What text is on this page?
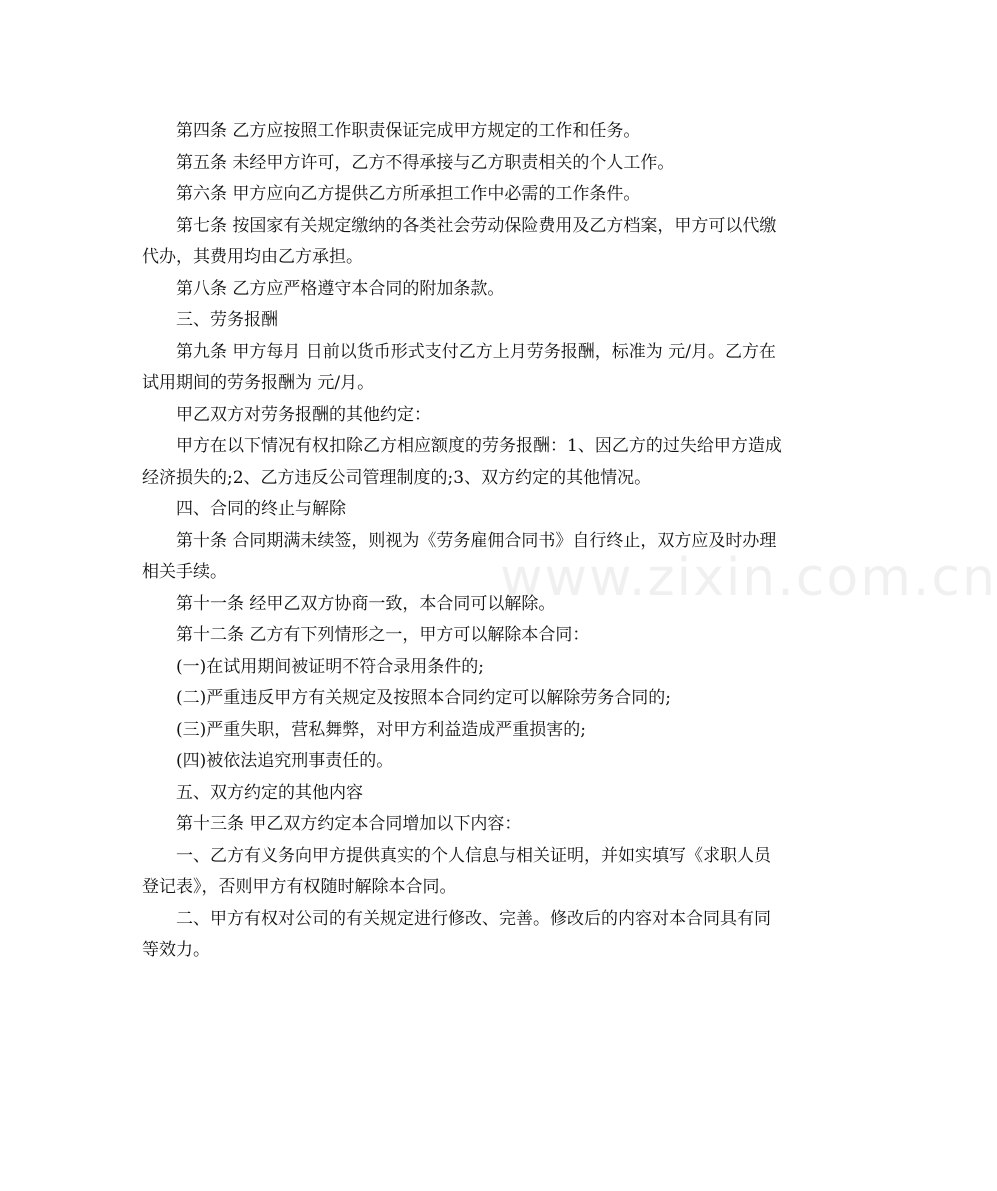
第四条 乙方应按照工作职责保证完成甲方规定的工作和任务。

第五条 未经甲方许可，乙方不得承接与乙方职责相关的个人工作。

第六条 甲方应向乙方提供乙方所承担工作中必需的工作条件。

第七条 按国家有关规定缴纳的各类社会劳动保险费用及乙方档案，甲方可以代缴代办，其费用均由乙方承担。

第八条 乙方应严格遵守本合同的附加条款。

三、劳务报酬

第九条 甲方每月 日前以货币形式支付乙方上月劳务报酬，标准为 元/月。乙方在试用期间的劳务报酬为 元/月。

甲乙双方对劳务报酬的其他约定：

甲方在以下情况有权扣除乙方相应额度的劳务报酬：1、因乙方的过失给甲方造成经济损失的;2、乙方违反公司管理制度的;3、双方约定的其他情况。

四、合同的终止与解除

第十条 合同期满未续签，则视为《劳务雇佣合同书》自行终止，双方应及时办理相关手续。

第十一条 经甲乙双方协商一致，本合同可以解除。

第十二条 乙方有下列情形之一，甲方可以解除本合同：

(一)在试用期间被证明不符合录用条件的;

(二)严重违反甲方有关规定及按照本合同约定可以解除劳务合同的;

(三)严重失职，营私舞弊，对甲方利益造成严重损害的;

(四)被依法追究刑事责任的。

五、双方约定的其他内容

第十三条 甲乙双方约定本合同增加以下内容：

一、乙方有义务向甲方提供真实的个人信息与相关证明，并如实填写《求职人员登记表》，否则甲方有权随时解除本合同。

二、甲方有权对公司的有关规定进行修改、完善。修改后的内容对本合同具有同等效力。

www.zixin.com.cn
